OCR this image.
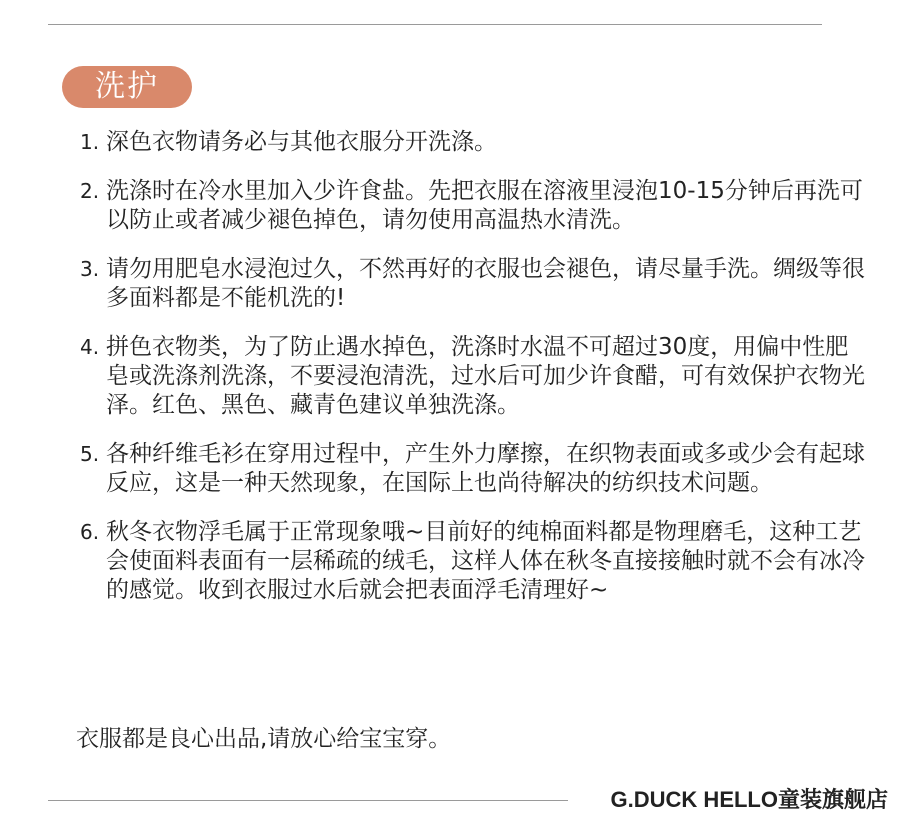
洗护
1. 深色衣物请务必与其他衣服分开洗涤。
2. 洗涤时在冷水里加入少许食盐。先把衣服在溶液里浸泡10-15分钟后再洗可以防止或者减少褪色掉色，请勿使用高温热水清洗。
3. 请勿用肥皂水浸泡过久，不然再好的衣服也会褪色，请尽量手洗。绸级等很多面料都是不能机洗的!
4. 拼色衣物类，为了防止遇水掉色，洗涤时水温不可超过30度，用偏中性肥皂或洗涤剂洗涤，不要浸泡清洗，过水后可加少许食醋，可有效保护衣物光泽。红色、黑色、藏青色建议单独洗涤。
5. 各种纤维毛衫在穿用过程中，产生外力摩擦，在织物表面或多或少会有起球反应，这是一种天然现象，在国际上也尚待解决的纺织技术问题。
6. 秋冬衣物浮毛属于正常现象哦~目前好的纯棉面料都是物理磨毛，这种工艺会使面料表面有一层稀疏的绒毛，这样人体在秋冬直接接触时就不会有冰冷的感觉。收到衣服过水后就会把表面浮毛清理好~
衣服都是良心出品,请放心给宝宝穿。
G.DUCK HELLO童装旗舰店
